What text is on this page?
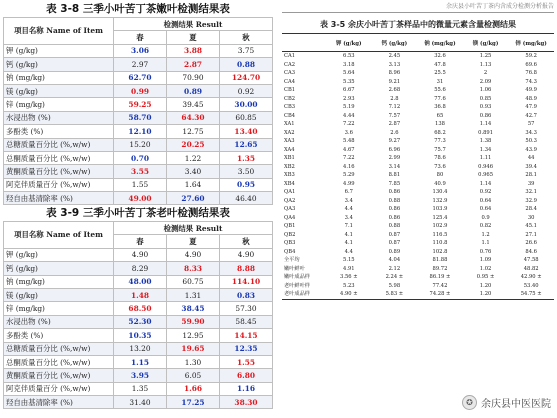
表 3-8 三季小叶苦丁茶嫩叶检测结果表
项目名称 Name of Item	检测结果 Result		
	春	夏	秋
钾 (g/kg)	3.06	3.88	3.75
钙 (g/kg)	2.97	2.87	0.88
钠 (mg/kg)	62.70	70.90	124.70
镁 (g/kg)	0.99	0.89	0.92
锌 (mg/kg)	59.25	39.45	30.00
水浸出物 (%)	58.70	64.30	60.85
多酚类 (%)	12.10	12.75	13.40
总糖质量百分比 (%,w/w)	15.20	20.25	12.65
总酮质量百分比 (%,w/w)	0.70	1.22	1.35
黄酮质量百分比 (%,w/w)	3.55	3.40	3.50
阿克伴质量百分 (%,w/w)	1.55	1.64	0.95
羟自由基清除率 (%)	49.00	27.60	46.40
表 3-9 三季小叶苦丁茶老叶检测结果表
项目名称 Name of Item	检测结果 Result		
	春	夏	秋
钾 (g/kg)	4.90	4.90	4.90
钙 (g/kg)	8.29	8.33	8.88
钠 (mg/kg)	48.00	60.75	114.10
镁 (g/kg)	1.48	1.31	0.83
锌 (mg/kg)	68.50	38.45	57.30
水浸出物 (%)	52.30	59.90	58.45
多酚类 (%)	10.35	12.95	14.15
总糖质量百分比 (%,w/w)	13.20	19.65	12.35
总酮质量百分比 (%,w/w)	1.15	1.30	1.55
黄酮质量百分比 (%,w/w)	3.95	6.05	6.80
阿克伴质量百分 (%,w/w)	1.35	1.66	1.16
羟自由基清除率 (%)	31.40	17.25	38.30
余庆县小叶苦丁茶内含成分检测分析报告
表 3-5 余庆小叶苦丁茶样品中的微量元素含量检测结果
	钾 (g/kg)	钙 (g/kg)	钠 (mg/kg)	镁 (g/kg)	锌 (mg/kg)
CA1	6.53	2.45	32.6	1.25	59.2
CA2	3.18	3.13	47.8	1.13	69.6
CA3	5.64	8.96	25.5	2	76.8
CA4	5.35	9.21	31	2.09	74.3
CB1	6.67	2.68	55.6	1.06	49.9
CB2	2.93	2.8	77.6	0.85	48.9
CB3	5.19	7.12	36.8	0.93	47.9
CB4	4.44	7.57	65	0.86	42.7
XA1	7.22	2.87	138	1.14	57
XA2	3.6	2.6	68.2	0.891	34.3
XA3	5.48	9.27	77.3	1.38	50.3
XA4	4.67	6.96	75.7	1.34	43.9
XB1	7.22	2.99	78.6	1.11	44
XB2	4.16	3.14	73.6	0.946	39.4
XB3	5.29	8.81	80	0.965	28.1
XB4	4.99	7.85	40.9	1.14	39
QA1	6.7	0.86	130.4	0.92	32.1
QA2	3.4	0.88	132.9	0.64	32.9
QA3	4.4	0.86	103.9	0.64	28.4
QA4	3.4	0.86	125.4	0.9	30
QB1	7.1	0.88	102.9	0.82	45.1
QB2	4.1	0.87	116.5	1.2	27.1
QB3	4.1	0.87	110.8	1.1	26.6
QB4	4.4	0.89	102.8	0.76	84.6
全平均	5.15	4.04	81.88	1.09	47.58
嫩叶鲜叶	4.91	2.12	89.72	1.02	48.82
嫩叶成品样	3.56 ±	2.24 ±	86.19 ±	0.95 ±	42.90 ±
老叶鲜叶样	5.23	5.98	77.42	1.20	53.40
老叶成品样	4.90 ±	5.83 ±	74.28 ±	1.20	54.75 ±
✪ 余庆县中医医院
